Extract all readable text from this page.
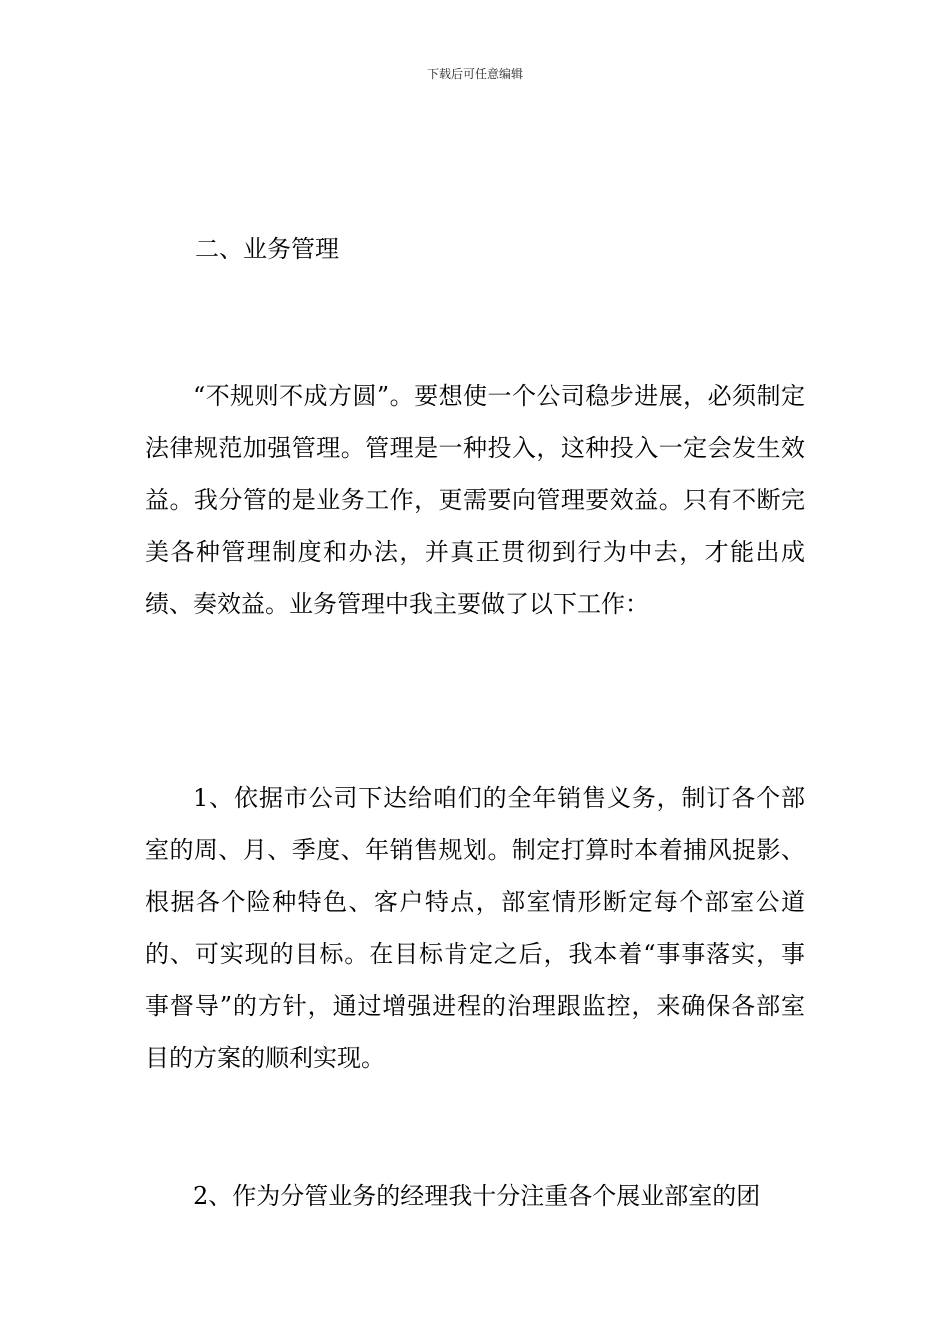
下载后可任意编辑
二、业务管理

“不规则不成方圆”。要想使一个公司稳步进展，必须制定法律规范加强管理。管理是一种投入，这种投入一定会发生效益。我分管的是业务工作，更需要向管理要效益。只有不断完美各种管理制度和办法，并真正贯彻到行为中去，才能出成绩、奏效益。业务管理中我主要做了以下工作：

1、依据市公司下达给咱们的全年销售义务，制订各个部室的周、月、季度、年销售规划。制定打算时本着捕风捉影、根据各个险种特色、客户特点，部室情形断定每个部室公道的、可实现的目标。在目标肯定之后，我本着“事事落实，事事督导”的方针，通过增强进程的治理跟监控，来确保各部室目的方案的顺利实现。

2、作为分管业务的经理我十分注重各个展业部室的团
